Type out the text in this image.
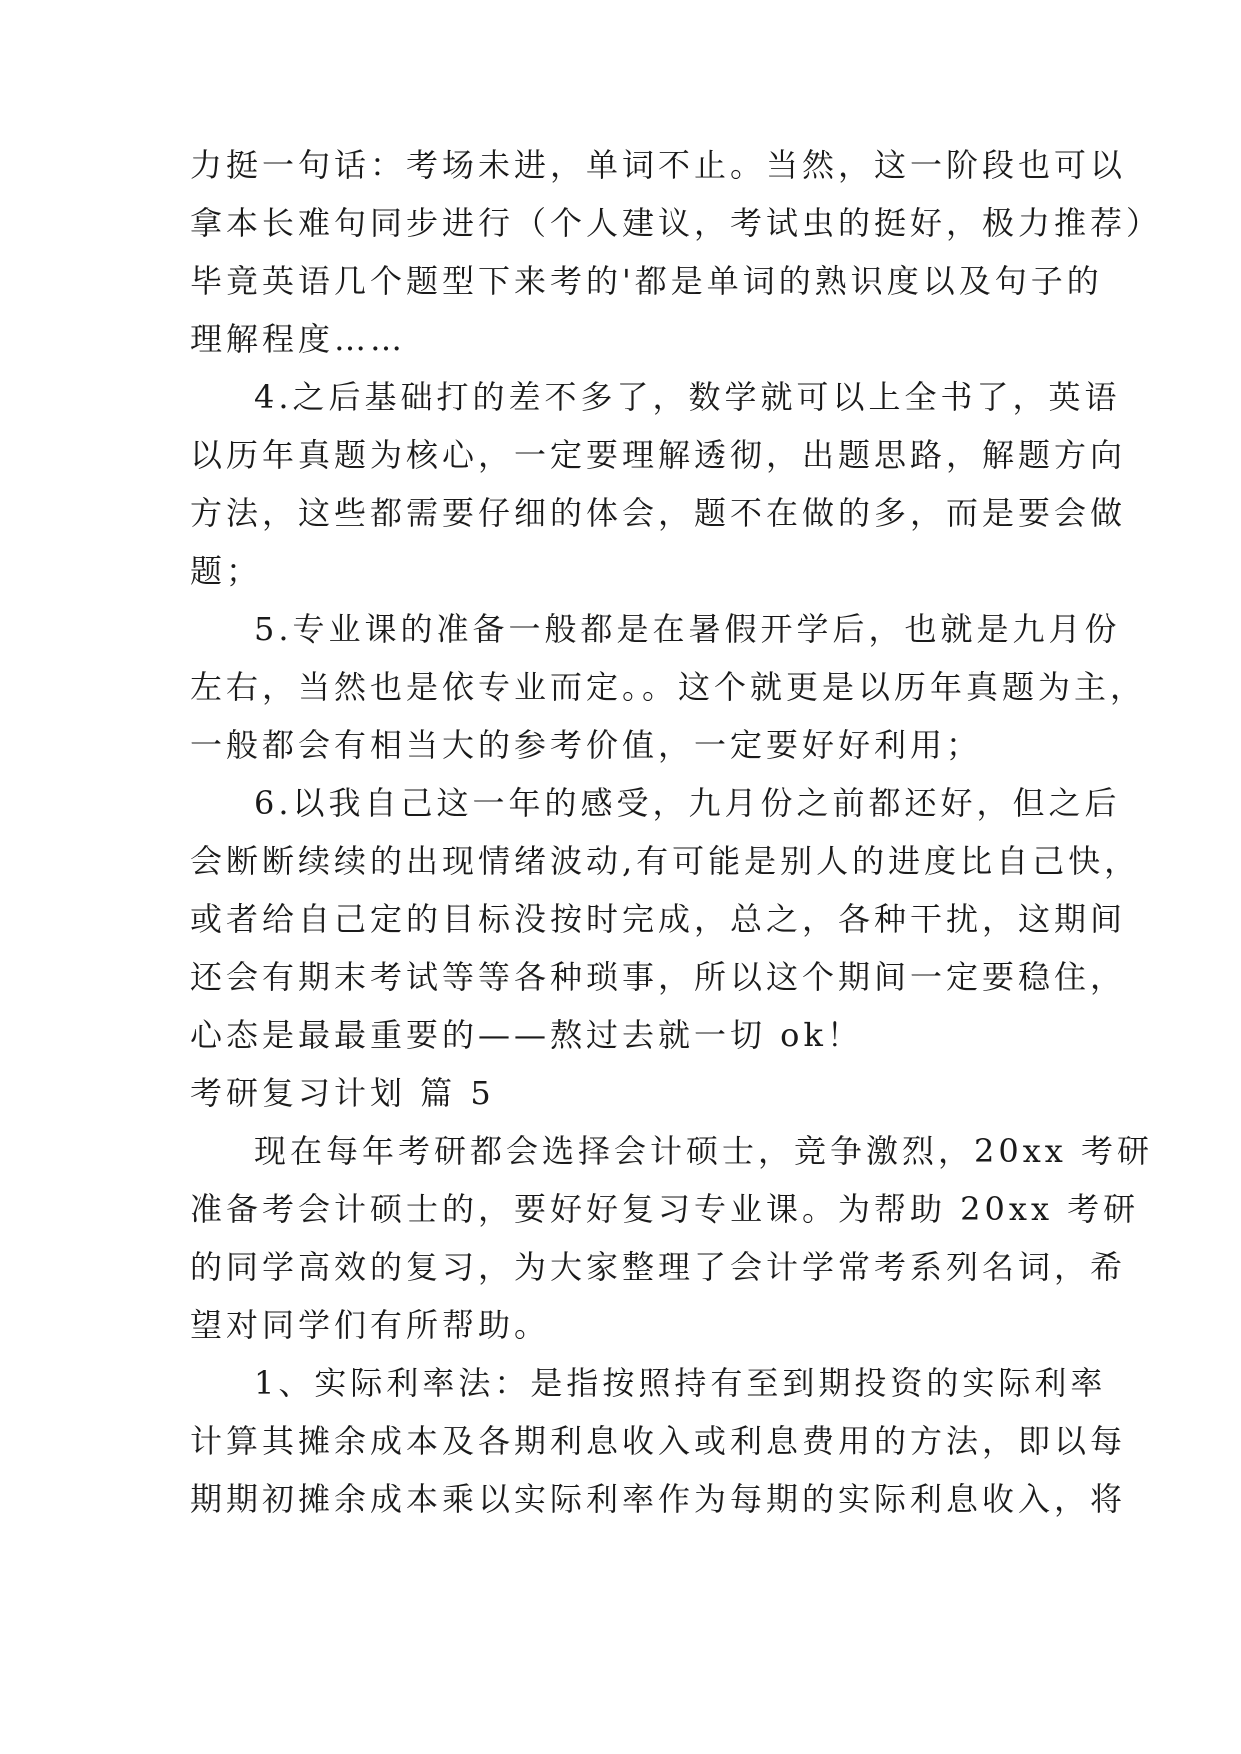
力挺一句话：考场未进，单词不止。当然，这一阶段也可以
拿本长难句同步进行（个人建议，考试虫的挺好，极力推荐）
毕竟英语几个题型下来考的'都是单词的熟识度以及句子的
理解程度……
4.之后基础打的差不多了，数学就可以上全书了，英语
以历年真题为核心，一定要理解透彻，出题思路，解题方向
方法，这些都需要仔细的体会，题不在做的多，而是要会做
题；
5.专业课的准备一般都是在暑假开学后，也就是九月份
左右，当然也是依专业而定。。这个就更是以历年真题为主，
一般都会有相当大的参考价值，一定要好好利用；
6.以我自己这一年的感受，九月份之前都还好，但之后
会断断续续的出现情绪波动,有可能是别人的进度比自己快，
或者给自己定的目标没按时完成，总之，各种干扰，这期间
还会有期末考试等等各种琐事，所以这个期间一定要稳住，
心态是最最重要的——熬过去就一切 ok！
考研复习计划 篇 5
现在每年考研都会选择会计硕士，竞争激烈，20xx 考研
准备考会计硕士的，要好好复习专业课。为帮助 20xx 考研
的同学高效的复习，为大家整理了会计学常考系列名词，希
望对同学们有所帮助。
1、实际利率法：是指按照持有至到期投资的实际利率
计算其摊余成本及各期利息收入或利息费用的方法，即以每
期期初摊余成本乘以实际利率作为每期的实际利息收入，将
